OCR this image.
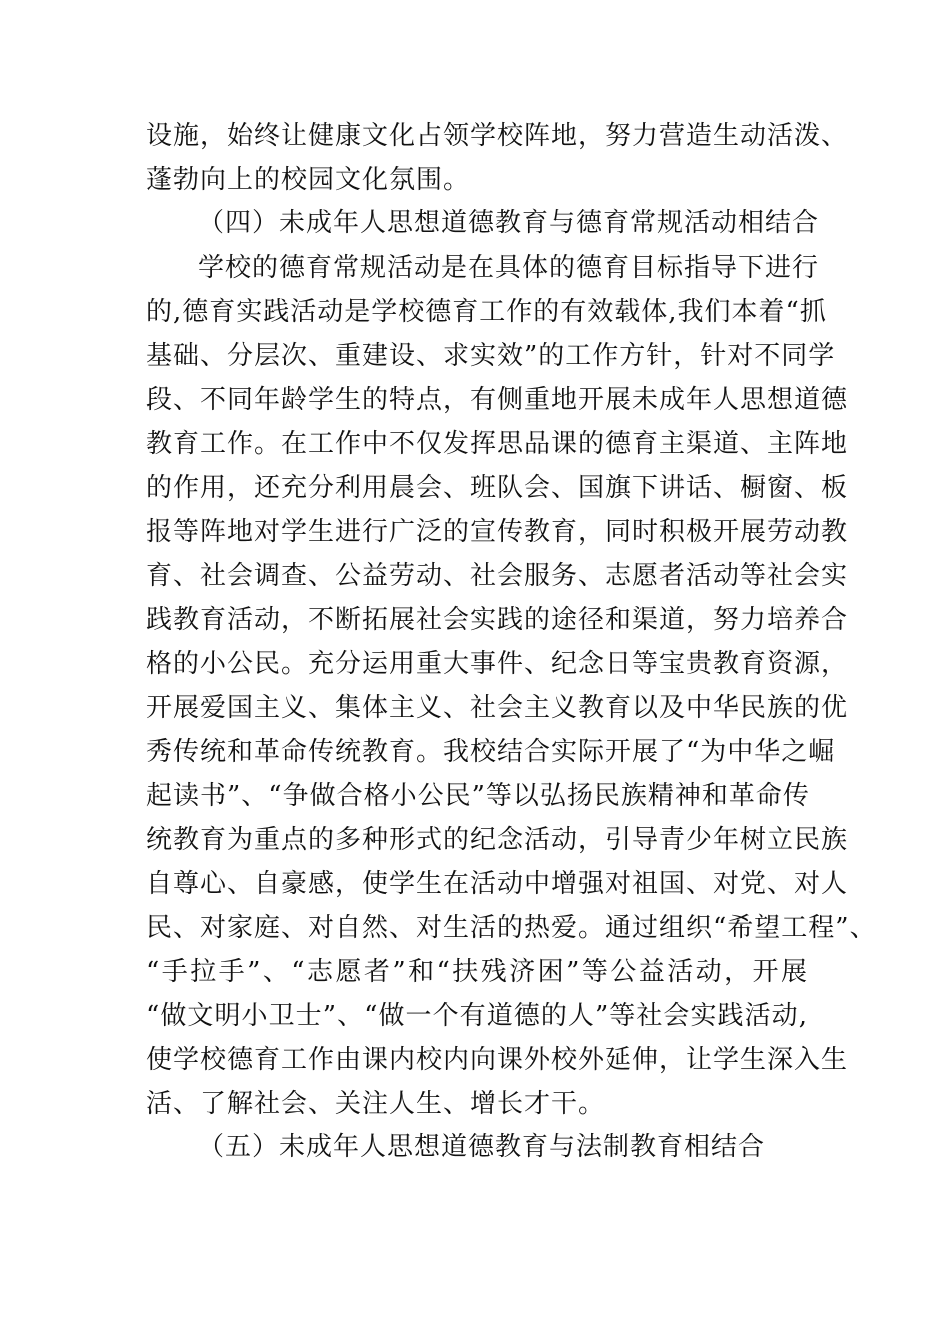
设施，始终让健康文化占领学校阵地，努力营造生动活泼、
蓬勃向上的校园文化氛围。
（四）未成年人思想道德教育与德育常规活动相结合
学校的德育常规活动是在具体的德育目标指导下进行
的,德育实践活动是学校德育工作的有效载体,我们本着“抓
基础、分层次、重建设、求实效”的工作方针，针对不同学
段、不同年龄学生的特点，有侧重地开展未成年人思想道德
教育工作。在工作中不仅发挥思品课的德育主渠道、主阵地
的作用，还充分利用晨会、班队会、国旗下讲话、橱窗、板
报等阵地对学生进行广泛的宣传教育，同时积极开展劳动教
育、社会调查、公益劳动、社会服务、志愿者活动等社会实
践教育活动，不断拓展社会实践的途径和渠道，努力培养合
格的小公民。充分运用重大事件、纪念日等宝贵教育资源，
开展爱国主义、集体主义、社会主义教育以及中华民族的优
秀传统和革命传统教育。我校结合实际开展了“为中华之崛
起读书”、“争做合格小公民”等以弘扬民族精神和革命传
统教育为重点的多种形式的纪念活动，引导青少年树立民族
自尊心、自豪感，使学生在活动中增强对祖国、对党、对人
民、对家庭、对自然、对生活的热爱。通过组织“希望工程”、
“手拉手”、“志愿者”和“扶残济困”等公益活动，开展
“做文明小卫士”、“做一个有道德的人”等社会实践活动,
使学校德育工作由课内校内向课外校外延伸，让学生深入生
活、了解社会、关注人生、增长才干。
（五）未成年人思想道德教育与法制教育相结合
